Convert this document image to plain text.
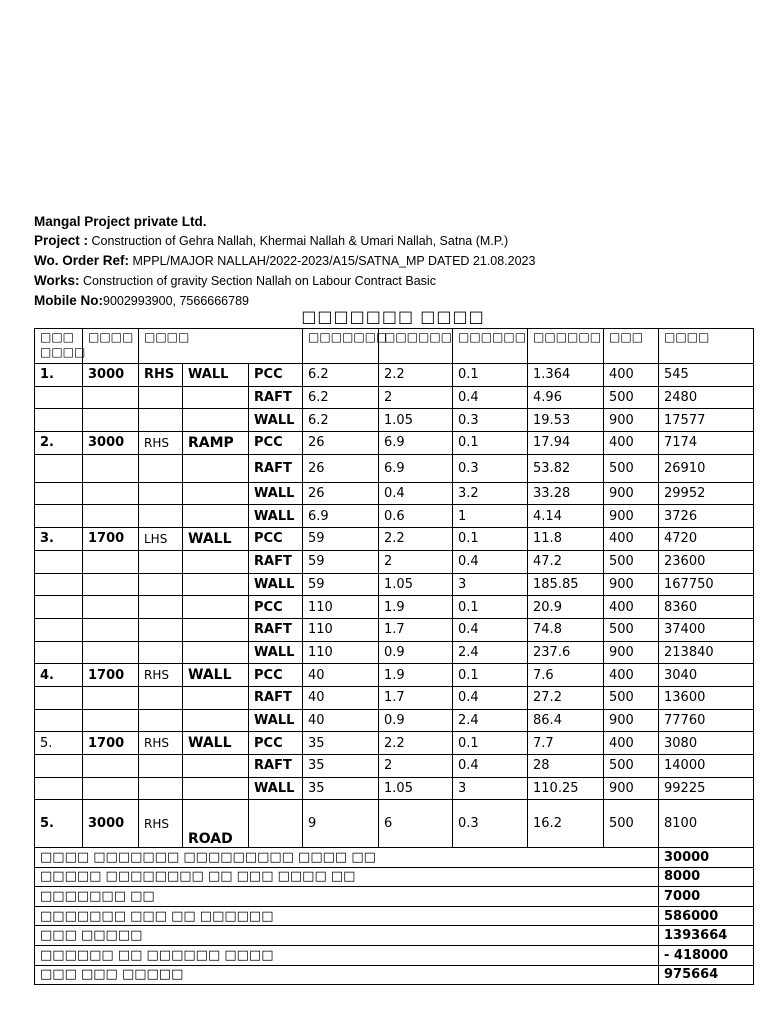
Mangal Project private Ltd.
Project : Construction of Gehra Nallah, Khermai Nallah & Umari Nallah, Satna (M.P.)
Wo. Order Ref: MPPL/MAJOR NALLAH/2022-2023/A15/SATNA_MP DATED 21.08.2023
Works: Construction of gravity Section Nallah on Labour Contract Basic
Mobile No:9002993900, 7566666789
□□□□□□□ □□□□
□□□ □□□□	□□□□	□□□□			□□□□□□□	□□□□□□	□□□□□□	□□□□□□	□□□	□□□□
1.	3000	RHS	WALL	PCC	6.2	2.2	0.1	1.364	400	545
				RAFT	6.2	2	0.4	4.96	500	2480
				WALL	6.2	1.05	0.3	19.53	900	17577
2.	3000	RHS	RAMP	PCC	26	6.9	0.1	17.94	400	7174
				RAFT	26	6.9	0.3	53.82	500	26910
				WALL	26	0.4	3.2	33.28	900	29952
				WALL	6.9	0.6	1	4.14	900	3726
3.	1700	LHS	WALL	PCC	59	2.2	0.1	11.8	400	4720
				RAFT	59	2	0.4	47.2	500	23600
				WALL	59	1.05	3	185.85	900	167750
				PCC	110	1.9	0.1	20.9	400	8360
				RAFT	110	1.7	0.4	74.8	500	37400
				WALL	110	0.9	2.4	237.6	900	213840
4.	1700	RHS	WALL	PCC	40	1.9	0.1	7.6	400	3040
				RAFT	40	1.7	0.4	27.2	500	13600
				WALL	40	0.9	2.4	86.4	900	77760
5.	1700	RHS	WALL	PCC	35	2.2	0.1	7.7	400	3080
				RAFT	35	2	0.4	28	500	14000
				WALL	35	1.05	3	110.25	900	99225
5.	3000	RHS	ROAD		9	6	0.3	16.2	500	8100
□□□□ □□□□□□□ □□□□□□□□□ □□□□ □□	30000
□□□□□ □□□□□□□□ □□ □□□ □□□□ □□	8000
□□□□□□□ □□	7000
□□□□□□□ □□□ □□ □□□□□□	586000
□□□ □□□□□	1393664
□□□□□□ □□ □□□□□□ □□□□	- 418000
□□□ □□□ □□□□□	975664
